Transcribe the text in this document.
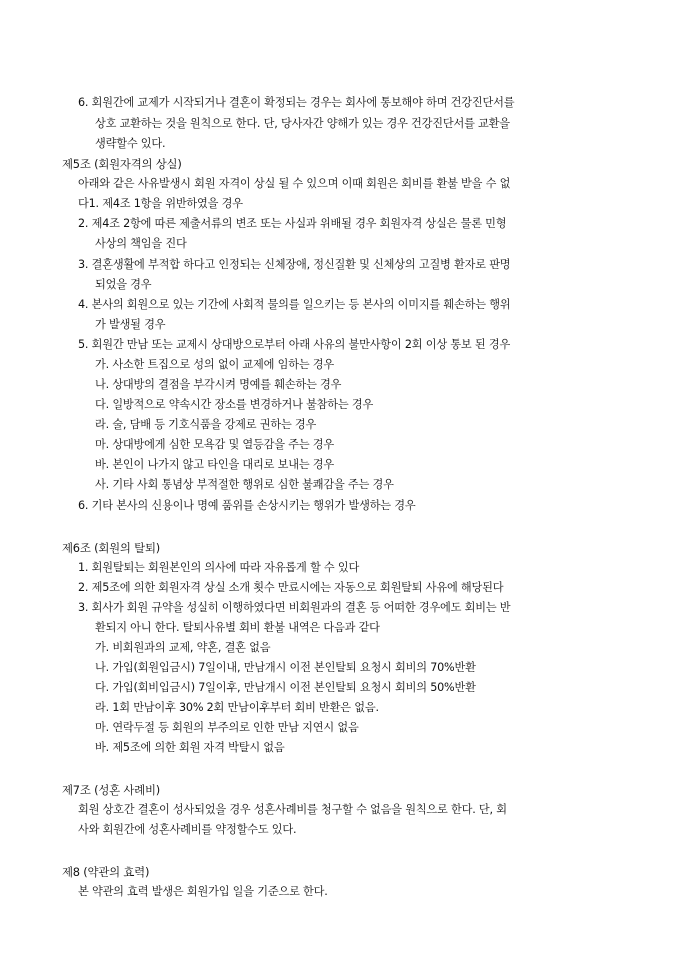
6. 회원간에 교제가 시작되거나 결혼이 확정되는 경우는 회사에 통보해야 하며 건강진단서를
상호 교환하는 것을 원칙으로 한다. 단, 당사자간 양해가 있는 경우 건강진단서를 교환을
생략할수 있다.
제5조 (회원자격의 상실)
아래와 같은 사유발생시 회원 자격이 상실 될 수 있으며 이때 회원은 회비를 환불 받을 수 없
다1. 제4조 1항을 위반하였을 경우
2. 제4조 2항에 따른 제출서류의 변조 또는 사실과 위배될 경우 회원자격 상실은 물론 민형
사상의 책임을 진다
3. 결혼생활에 부적합 하다고 인정되는 신체장애, 정신질환 및 신체상의 고질병 환자로 판명
되었을 경우
4. 본사의 회원으로 있는 기간에 사회적 물의를 일으키는 등 본사의 이미지를 훼손하는 행위
가 발생될 경우
5. 회원간 만남 또는 교제시 상대방으로부터 아래 사유의 불만사항이 2회 이상 통보 된 경우
가. 사소한 트집으로 성의 없이 교제에 임하는 경우
나. 상대방의 결점을 부각시켜 명예를 훼손하는 경우
다. 일방적으로 약속시간 장소를 변경하거나 불참하는 경우
라. 술, 담배 등 기호식품을 강제로 권하는 경우
마. 상대방에게 심한 모욕감 및 열등감을 주는 경우
바. 본인이 나가지 않고 타인을 대리로 보내는 경우
사. 기타 사회 통념상 부적절한 행위로 심한 불쾌감을 주는 경우
6. 기타 본사의 신용이나 명예 품위를 손상시키는 행위가 발생하는 경우
제6조 (회원의 탈퇴)
1. 회원탈퇴는 회원본인의 의사에 따라 자유롭게 할 수 있다
2. 제5조에 의한 회원자격 상실 소개 횟수 만료시에는 자동으로 회원탈퇴 사유에 해당된다
3. 회사가 회원 규약을 성실히 이행하였다면 비회원과의 결혼 등 어떠한 경우에도 회비는 반
환되지 아니 한다. 탈퇴사유별 회비 환불 내역은 다음과 같다
가. 비회원과의 교제, 약혼, 결혼 없음
나. 가입(회원입금시) 7일이내, 만남개시 이전 본인탈퇴 요청시 회비의 70%반환
다. 가입(회비입금시) 7일이후, 만남개시 이전 본인탈퇴 요청시 회비의 50%반환
라. 1회 만남이후 30% 2회 만남이후부터 회비 반환은 없음.
마. 연락두절 등 회원의 부주의로 인한 만남 지연시 없음
바. 제5조에 의한 회원 자격 박탈시 없음
제7조 (성혼 사례비)
회원 상호간 결혼이 성사되었을 경우 성혼사례비를 청구할 수 없음을 원칙으로 한다. 단, 회
사와 회원간에 성혼사례비를 약정할수도 있다.
제8 (약관의 효력)
본 약관의 효력 발생은 회원가입 일을 기준으로 한다.
